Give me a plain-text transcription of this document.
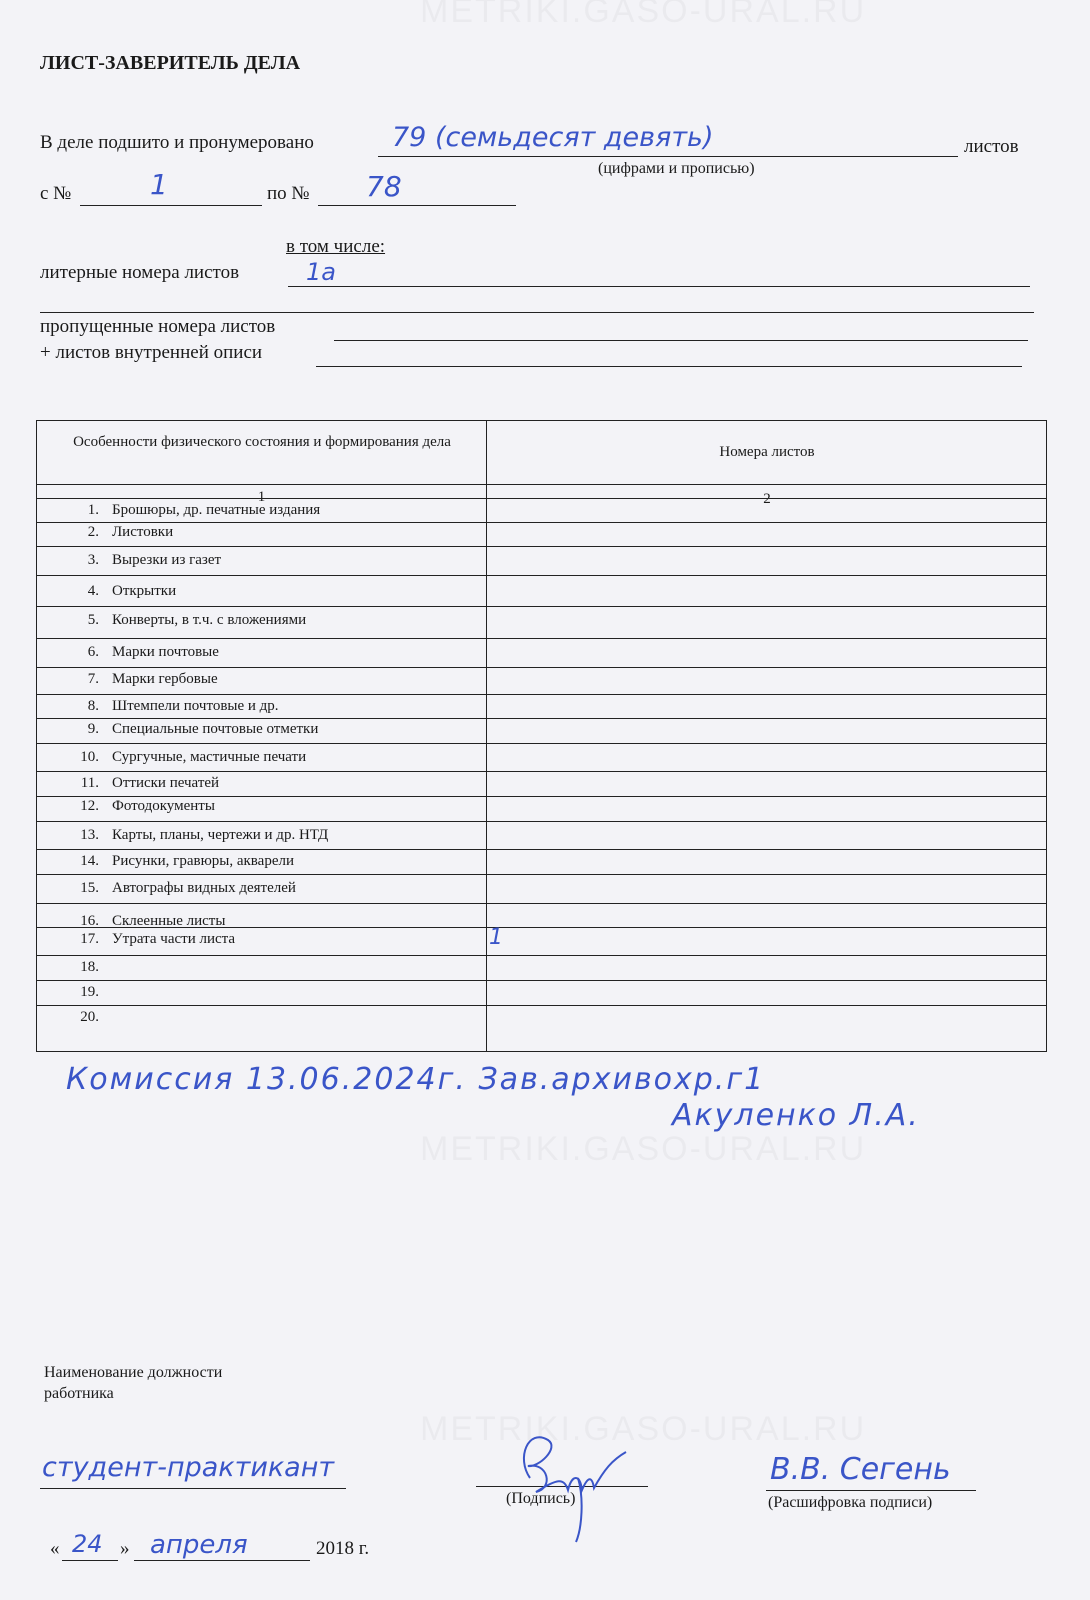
ЛИСТ-ЗАВЕРИТЕЛЬ ДЕЛА
В деле подшито и пронумеровано	79 (семьдесят девять)	листов
(цифрами и прописью)
с №	1	по № 78
в том числе:
литерные номера листов	1а
пропущенные номера листов
+ листов внутренней описи
Особенности физического состояния и формирования дела
Номера листов
1	2
1. Брошюры, др. печатные издания
2. Листовки
3. Вырезки из газет
4. Открытки
5. Конверты, в т.ч. с вложениями
6. Марки почтовые
7. Марки гербовые
8. Штемпели почтовые и др.
9. Специальные почтовые отметки
10. Сургучные, мастичные печати
11. Оттиски печатей
12. Фотодокументы
13. Карты, планы, чертежи и др. НТД
14. Рисунки, гравюры, акварели
15. Автографы видных деятелей
16. Склеенные листы
17. Утрата части листа	1
18.
19.
20.
Комиссия 13.06.2024г. Зав.архивохр.г1
Акуленко Л.А.
Наименование должности
работника
студент-практикант
(Подпись)
В.В. Сегень
(Расшифровка подписи)
« 24 » апреля	2018 г.
